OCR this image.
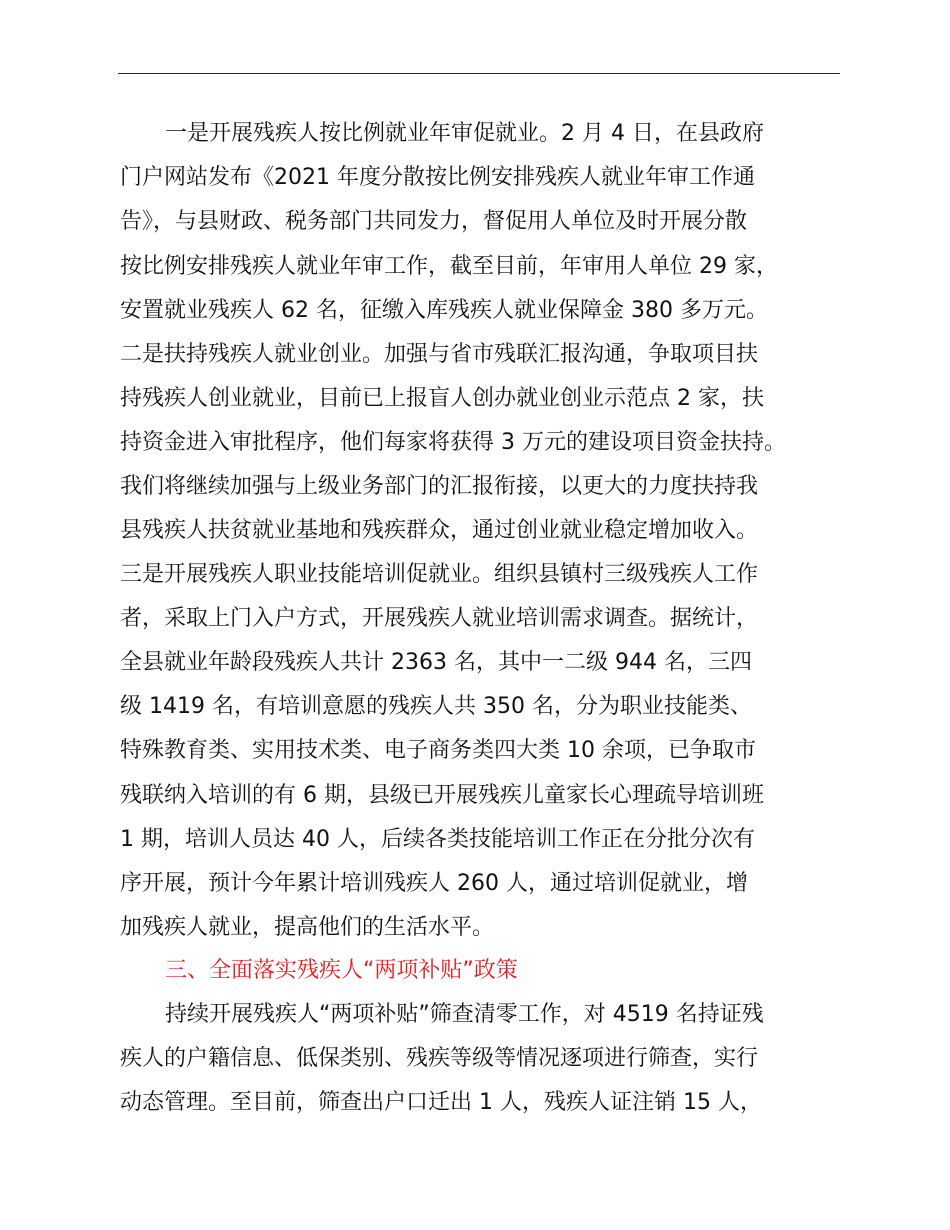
一是开展残疾人按比例就业年审促就业。2 月 4 日，在县政府
门户网站发布《2021 年度分散按比例安排残疾人就业年审工作通
告》，与县财政、税务部门共同发力，督促用人单位及时开展分散
按比例安排残疾人就业年审工作，截至目前，年审用人单位 29 家，
安置就业残疾人 62 名，征缴入库残疾人就业保障金 380 多万元。
二是扶持残疾人就业创业。加强与省市残联汇报沟通，争取项目扶
持残疾人创业就业，目前已上报盲人创办就业创业示范点 2 家，扶
持资金进入审批程序，他们每家将获得 3 万元的建设项目资金扶持。
我们将继续加强与上级业务部门的汇报衔接，以更大的力度扶持我
县残疾人扶贫就业基地和残疾群众，通过创业就业稳定增加收入。
三是开展残疾人职业技能培训促就业。组织县镇村三级残疾人工作
者，采取上门入户方式，开展残疾人就业培训需求调查。据统计，
全县就业年龄段残疾人共计 2363 名，其中一二级 944 名，三四
级 1419 名，有培训意愿的残疾人共 350 名，分为职业技能类、
特殊教育类、实用技术类、电子商务类四大类 10 余项，已争取市
残联纳入培训的有 6 期，县级已开展残疾儿童家长心理疏导培训班
1 期，培训人员达 40 人，后续各类技能培训工作正在分批分次有
序开展，预计今年累计培训残疾人 260 人，通过培训促就业，增
加残疾人就业，提高他们的生活水平。
三、全面落实残疾人“两项补贴”政策
持续开展残疾人“两项补贴”筛查清零工作，对 4519 名持证残
疾人的户籍信息、低保类别、残疾等级等情况逐项进行筛查，实行
动态管理。至目前，筛查出户口迁出 1 人，残疾人证注销 15 人，
